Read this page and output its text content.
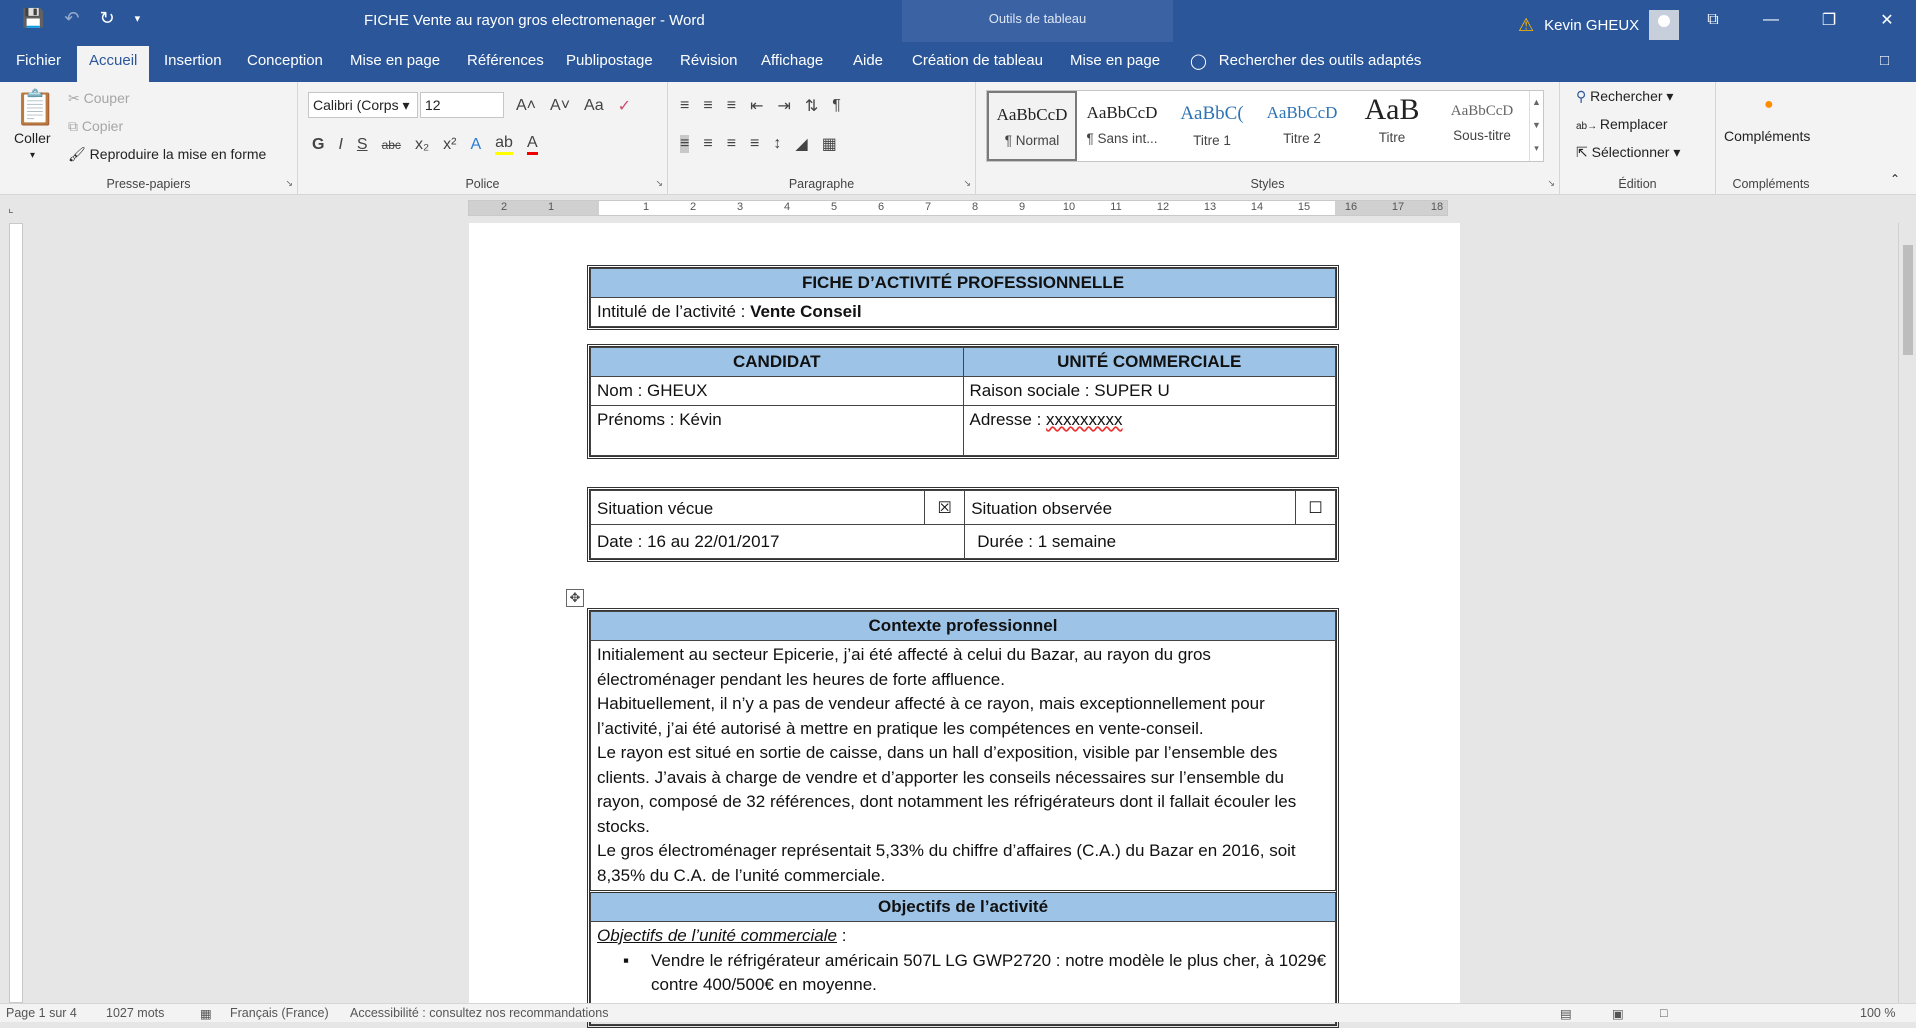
💾 ↶ ↻ ▾	FICHE Vente au rayon gros electromenager - Word	Outils de tableau	⚠ Kevin GHEUX	⧉	—	❐	✕
Fichier	Accueil	Insertion Conception Mise en page Références Publipostage Révision Affichage Aide Création de tableau Mise en page ◯ Rechercher des outils adaptés	□
📋
Coller
▾
✂ Couper
⧉ Copier
🖌 Reproduire la mise en forme
Presse-papiers	↘
Calibri (Corps ▾	12	A˄ A˅ Aa ✓
G I S abc x₂ x² A ab A
Police	↘
≡ ≡ ≡ ⇤ ⇥ ⇅ ¶
≡ ≡ ≡ ≡ ↕ ◢ ▦
Paragraphe	↘
AaBbCcD
¶ Normal
AaBbCcD
¶ Sans int...
AaBbC(
Titre 1
AaBbCcD
Titre 2
AaB
Titre
AaBbCcD
Sous-titre
▲
▼
▾
Styles	↘
⚲ Rechercher ▾
ab→ Remplacer
⇱ Sélectionner ▾
Édition
●
Compléments
Compléments	⌃
⌞	2	1	1	2	3	4	5	6	7	8	9	10	11	12	13	14	15	16	17 18
FICHE D’ACTIVITÉ PROFESSIONNELLE
Intitulé de l’activité : Vente Conseil
CANDIDAT	UNITÉ COMMERCIALE
Nom : GHEUX	Raison sociale : SUPER U
Prénoms : Kévin	Adresse : xxxxxxxxx
Situation vécue	☒	Situation observée	☐
Date : 16 au 22/01/2017		Durée : 1 semaine	
✥
Contexte professionnel

Initialement au secteur Epicerie, j’ai été affecté à celui du Bazar, au rayon du gros électroménager pendant les heures de forte affluence.
Habituellement, il n’y a pas de vendeur affecté à ce rayon, mais exceptionnellement pour l’activité, j’ai été autorisé à mettre en pratique les compétences en vente-conseil.
Le rayon est situé en sortie de caisse, dans un hall d’exposition, visible par l’ensemble des clients. J’avais à charge de vendre et d’apporter les conseils nécessaires sur l’ensemble du rayon, composé de 32 références, dont notamment les réfrigérateurs dont il fallait écouler les stocks.
Le gros électroménager représentait 5,33% du chiffre d’affaires (C.A.) du Bazar en 2016, soit 8,35% du C.A. de l’unité commerciale.

Objectifs de l’activité

Objectifs de l’unité commerciale :
▪ Vendre le réfrigérateur américain 507L LG GWP2720 : notre modèle le plus cher, à 1029€ contre 400/500€ en moyenne.
▪
Page 1 sur 4 1027 mots	▦ Français (France) Accessibilité : consultez nos recommandations	▤	▣	□	100 %
